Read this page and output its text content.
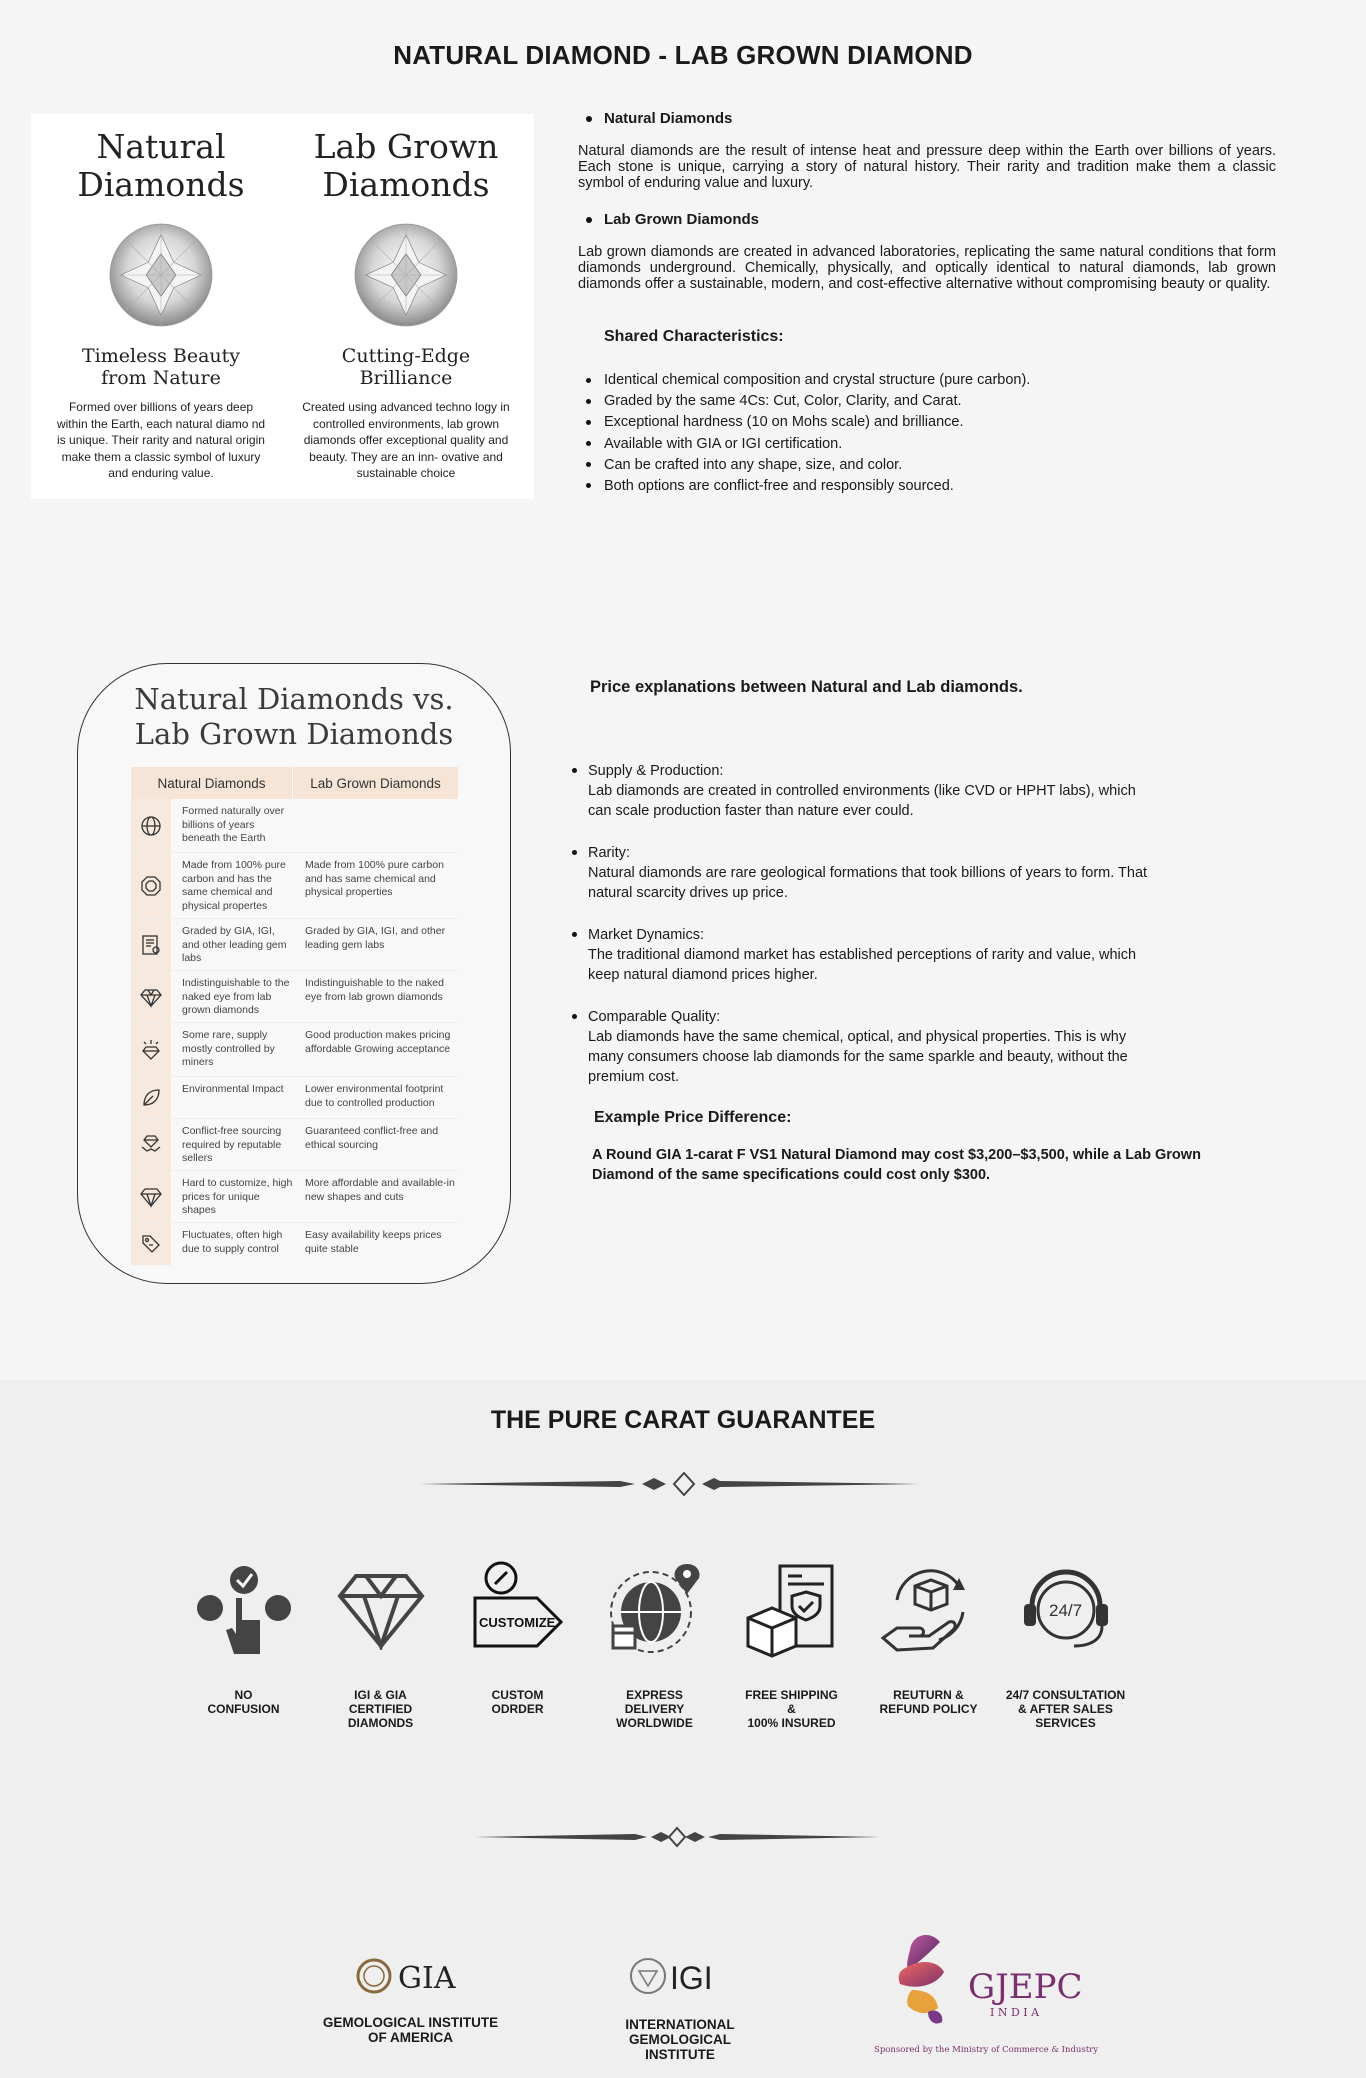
NATURAL DIAMOND - LAB GROWN DIAMOND
Natural
Diamonds
Timeless Beauty
from Nature
Formed over billions of years deep within the Earth, each natural diamo nd is unique. Their rarity and natural origin make them a classic symbol of luxury and enduring value.
Lab Grown
Diamonds
Cutting-Edge
Brilliance
Created using advanced techno logy in controlled environments, lab grown diamonds offer exceptional quality and beauty. They are an inn- ovative and sustainable choice
Natural Diamonds
Natural diamonds are the result of intense heat and pressure deep within the Earth over billions of years. Each stone is unique, carrying a story of natural history. Their rarity and tradition make them a classic symbol of enduring value and luxury.
Lab Grown Diamonds
Lab grown diamonds are created in advanced laboratories, replicating the same natural conditions that form diamonds underground. Chemically, physically, and optically identical to natural diamonds, lab grown diamonds offer a sustainable, modern, and cost-effective alternative without compromising beauty or quality.
Shared Characteristics:
Identical chemical composition and crystal structure (pure carbon).
Graded by the same 4Cs: Cut, Color, Clarity, and Carat.
Exceptional hardness (10 on Mohs scale) and brilliance.
Available with GIA or IGI certification.
Can be crafted into any shape, size, and color.
Both options are conflict-free and responsibly sourced.
Natural Diamonds vs.
Lab Grown Diamonds
Natural Diamonds	Lab Grown Diamonds
Formed naturally over billions of years beneath the Earth
Made from 100% pure carbon and has the same chemical and physical propertes
Made from 100% pure carbon and has same chemical and physical properties
Graded by GIA, IGI, and other leading gem labs
Graded by GIA, IGI, and other leading gem labs
Indistinguishable to the naked eye from lab grown diamonds
Indistinguishable to the naked eye from lab grown diamonds
Some rare, supply mostly controlled by miners
Good production makes pricing affordable Growing acceptance
Environmental Impact	Lower environmental footprint due to controlled production
Conflict-free sourcing required by reputable sellers
Guaranteed conflict-free and ethical sourcing
Hard to customize, high prices for unique shapes
More affordable and available-in new shapes and cuts
Fluctuates, often high due to supply control
Easy availability keeps prices quite stable
Price explanations between Natural and Lab diamonds.
Supply & Production:
Lab diamonds are created in controlled environments (like CVD or HPHT labs), which can scale production faster than nature ever could.
Rarity:
Natural diamonds are rare geological formations that took billions of years to form. That natural scarcity drives up price.
Market Dynamics:
The traditional diamond market has established perceptions of rarity and value, which keep natural diamond prices higher.
Comparable Quality:
Lab diamonds have the same chemical, optical, and physical properties. This is why many consumers choose lab diamonds for the same sparkle and beauty, without the premium cost.
Example Price Difference:
A Round GIA 1-carat F VS1 Natural Diamond may cost $3,200–$3,500, while a Lab Grown Diamond of the same specifications could cost only $300.
THE PURE CARAT GUARANTEE
NO
CONFUSION
IGI & GIA
CERTIFIED
DIAMONDS
CUSTOMIZE
CUSTOM
ODRDER
EXPRESS
DELIVERY
WORLDWIDE
FREE SHIPPING
&
100% INSURED
REUTURN &
REFUND POLICY
24/7
24/7 CONSULTATION
& AFTER SALES
SERVICES
GIA
GEMOLOGICAL INSTITUTE
OF AMERICA
IGI
INTERNATIONAL
GEMOLOGICAL
INSTITUTE
GJEPC
I N D I A
Sponsored by the Ministry of Commerce & Industry
